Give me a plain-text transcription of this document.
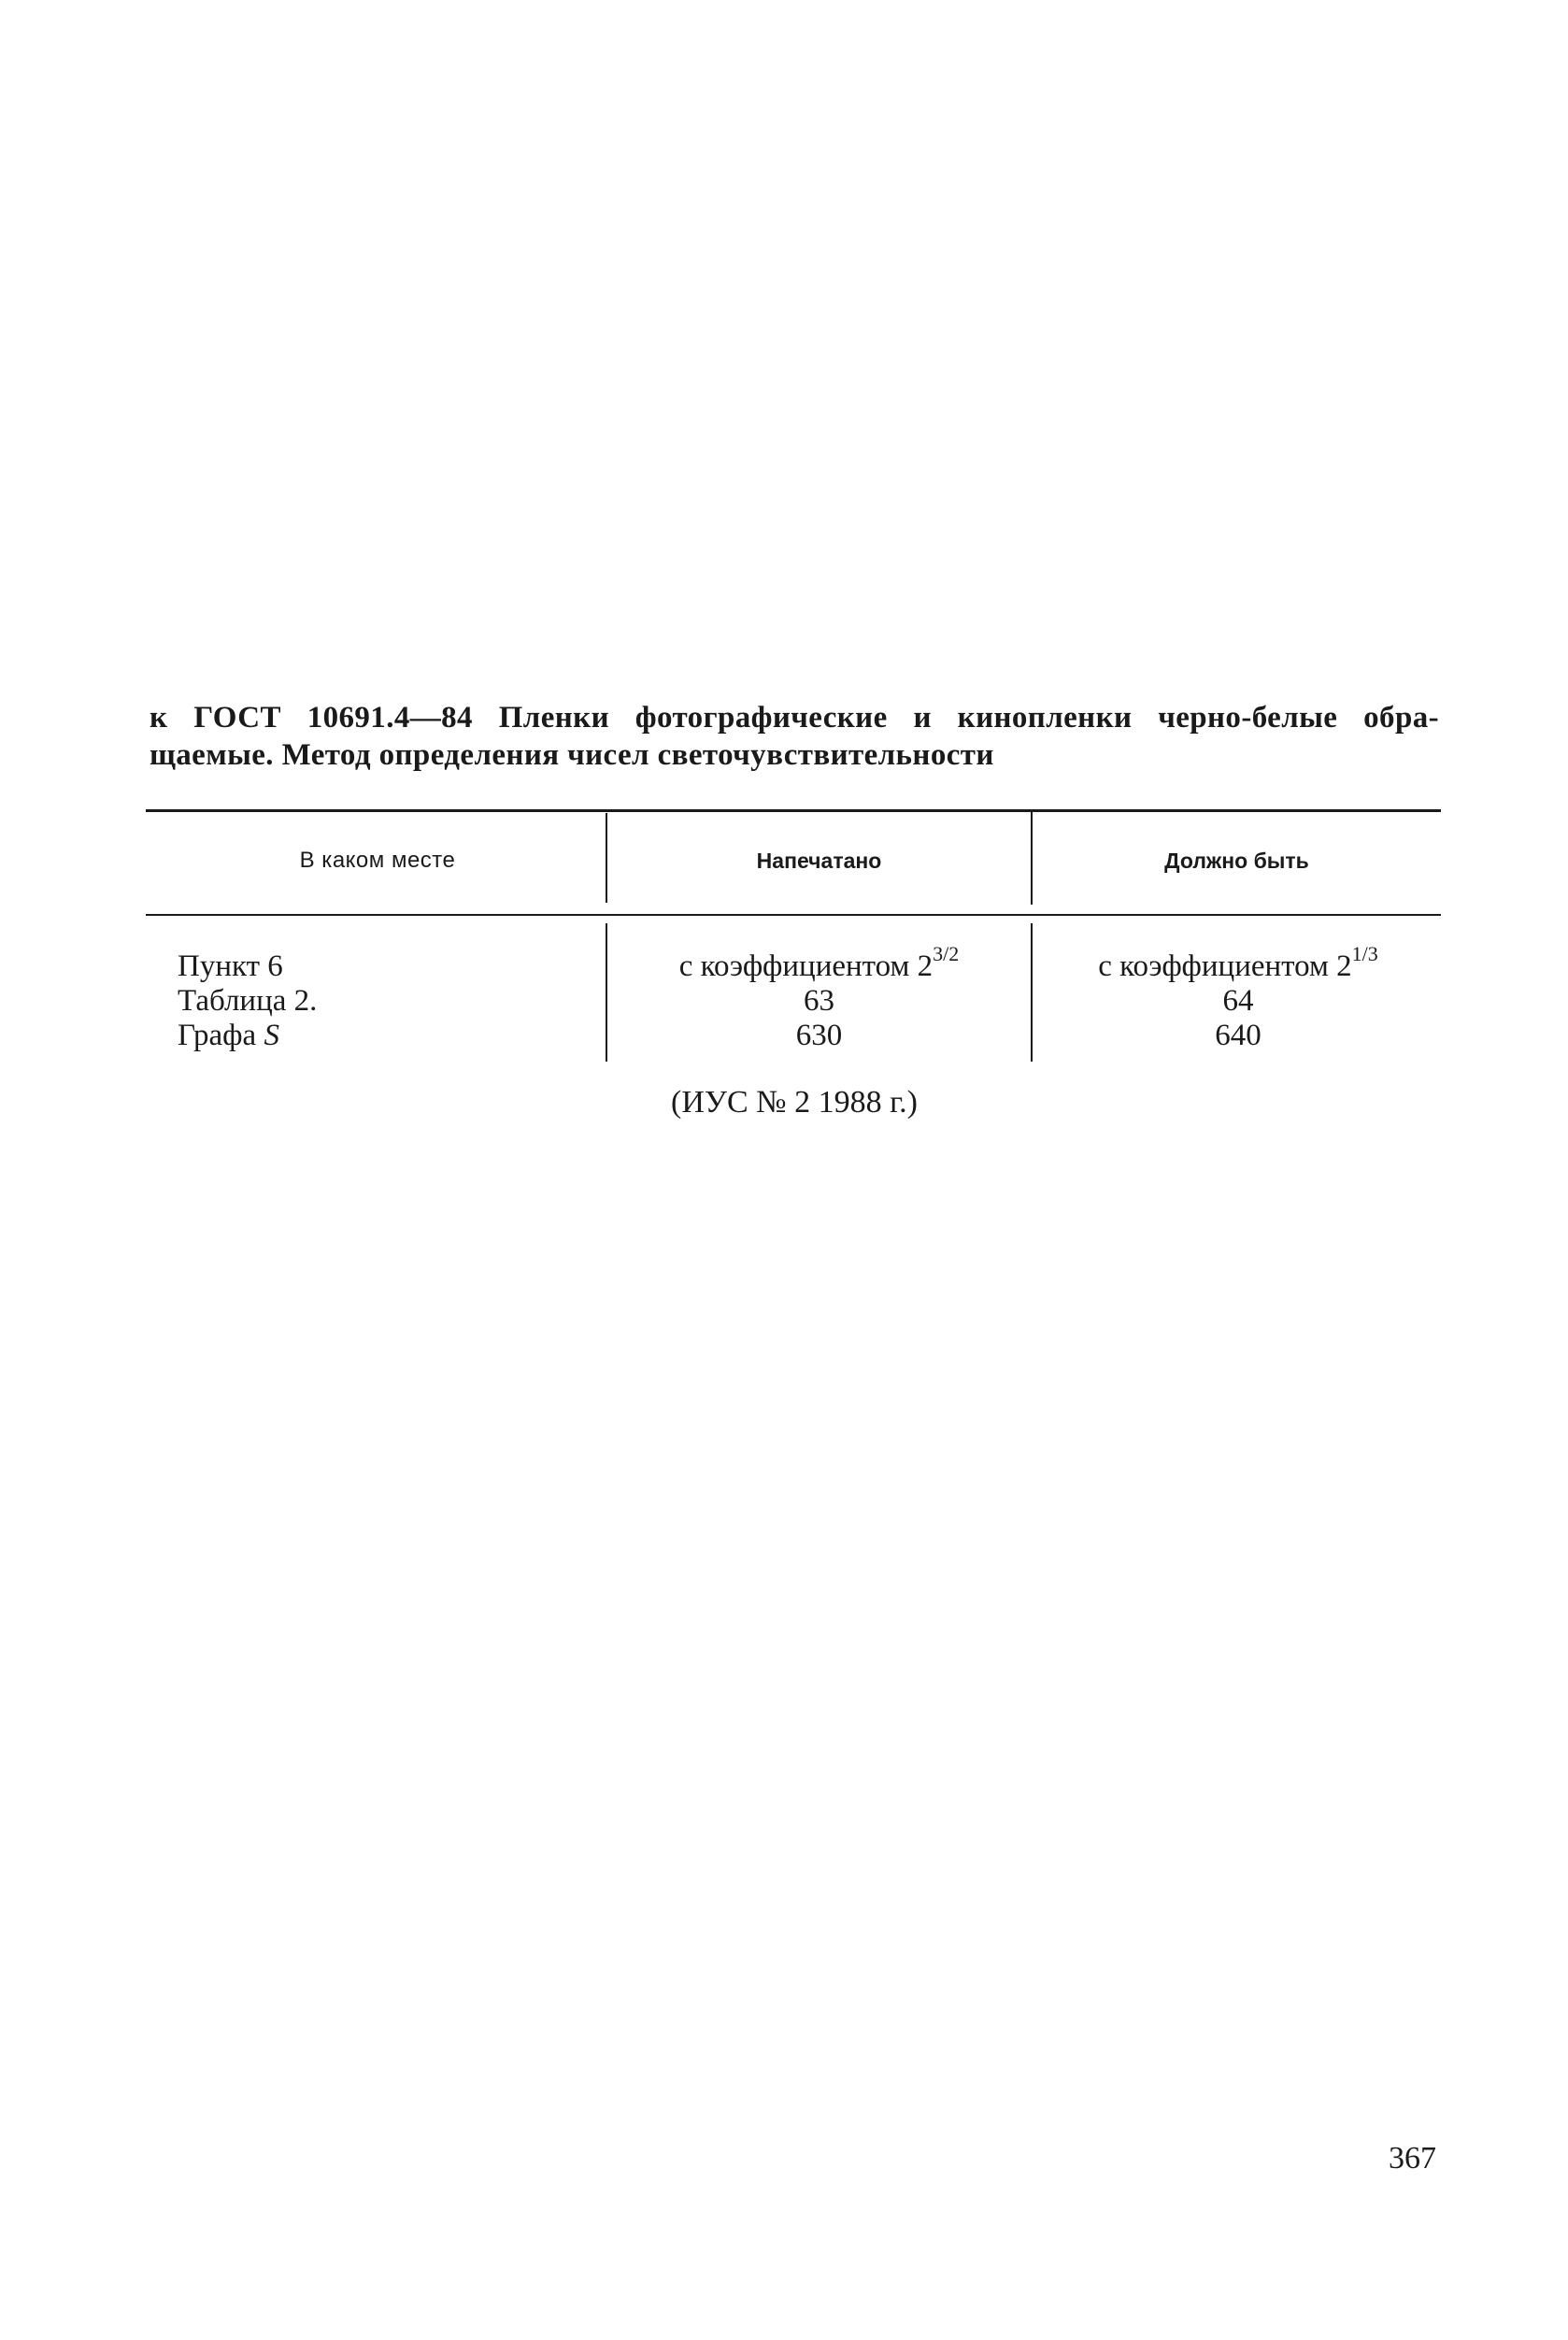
к ГОСТ 10691.4—84 Пленки фотографические и кинопленки черно-белые обра-
щаемые. Метод определения чисел светочувствительности
В каком месте	Напечатано	Должно быть
Пункт 6
Таблица 2.
Графа S
с коэффициентом $2^{3/2}$
63
630
с коэффициентом $2^{1/3}$
64
640
(ИУС № 2 1988 г.)
367
